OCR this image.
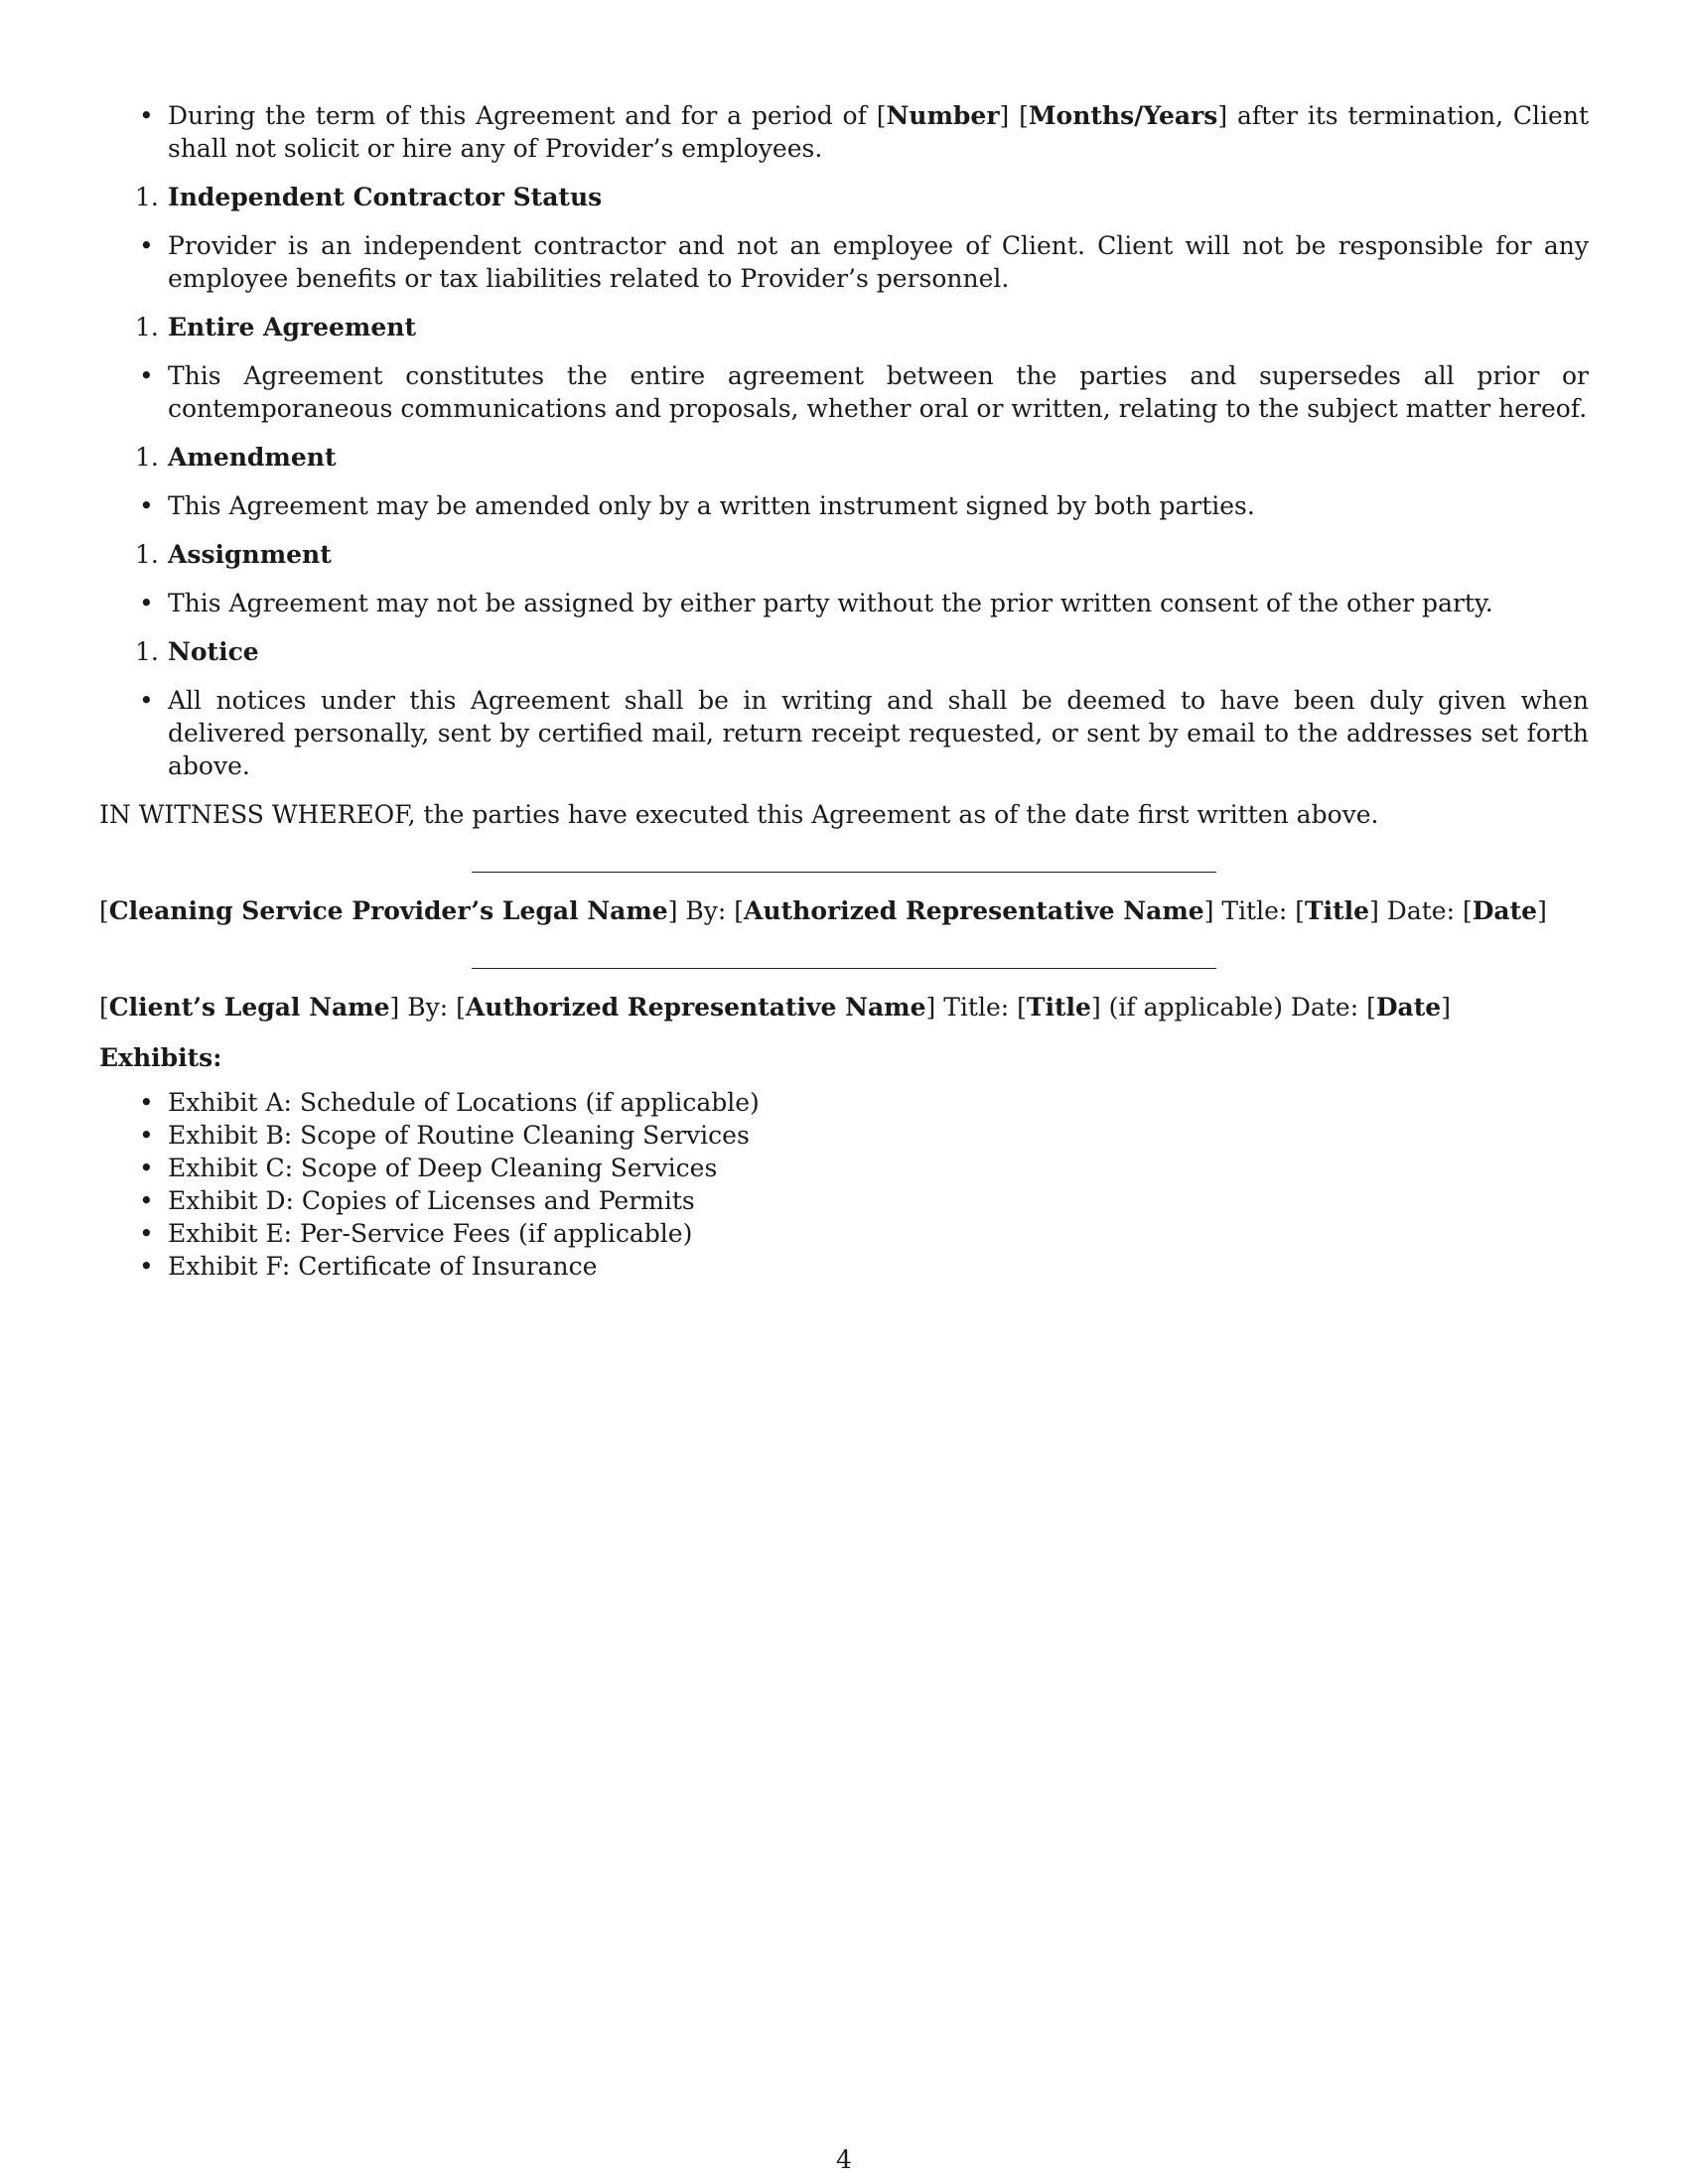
• During the term of this Agreement and for a period of [Number] [Months/Years] after its termination, Client shall not solicit or hire any of Provider’s employees.
1. Independent Contractor Status
• Provider is an independent contractor and not an employee of Client. Client will not be responsible for any employee benefits or tax liabilities related to Provider’s personnel.
1. Entire Agreement
• This Agreement constitutes the entire agreement between the parties and supersedes all prior or contemporaneous communications and proposals, whether oral or written, relating to the subject matter hereof.
1. Amendment
• This Agreement may be amended only by a written instrument signed by both parties.
1. Assignment
• This Agreement may not be assigned by either party without the prior written consent of the other party.
1. Notice
• All notices under this Agreement shall be in writing and shall be deemed to have been duly given when delivered personally, sent by certified mail, return receipt requested, or sent by email to the addresses set forth above.
IN WITNESS WHEREOF, the parties have executed this Agreement as of the date first written above.
[Cleaning Service Provider’s Legal Name] By: [Authorized Representative Name] Title: [Title] Date: [Date]
[Client’s Legal Name] By: [Authorized Representative Name] Title: [Title] (if applicable) Date: [Date]
Exhibits:
• Exhibit A: Schedule of Locations (if applicable)
• Exhibit B: Scope of Routine Cleaning Services
• Exhibit C: Scope of Deep Cleaning Services
• Exhibit D: Copies of Licenses and Permits
• Exhibit E: Per-Service Fees (if applicable)
• Exhibit F: Certificate of Insurance
4
